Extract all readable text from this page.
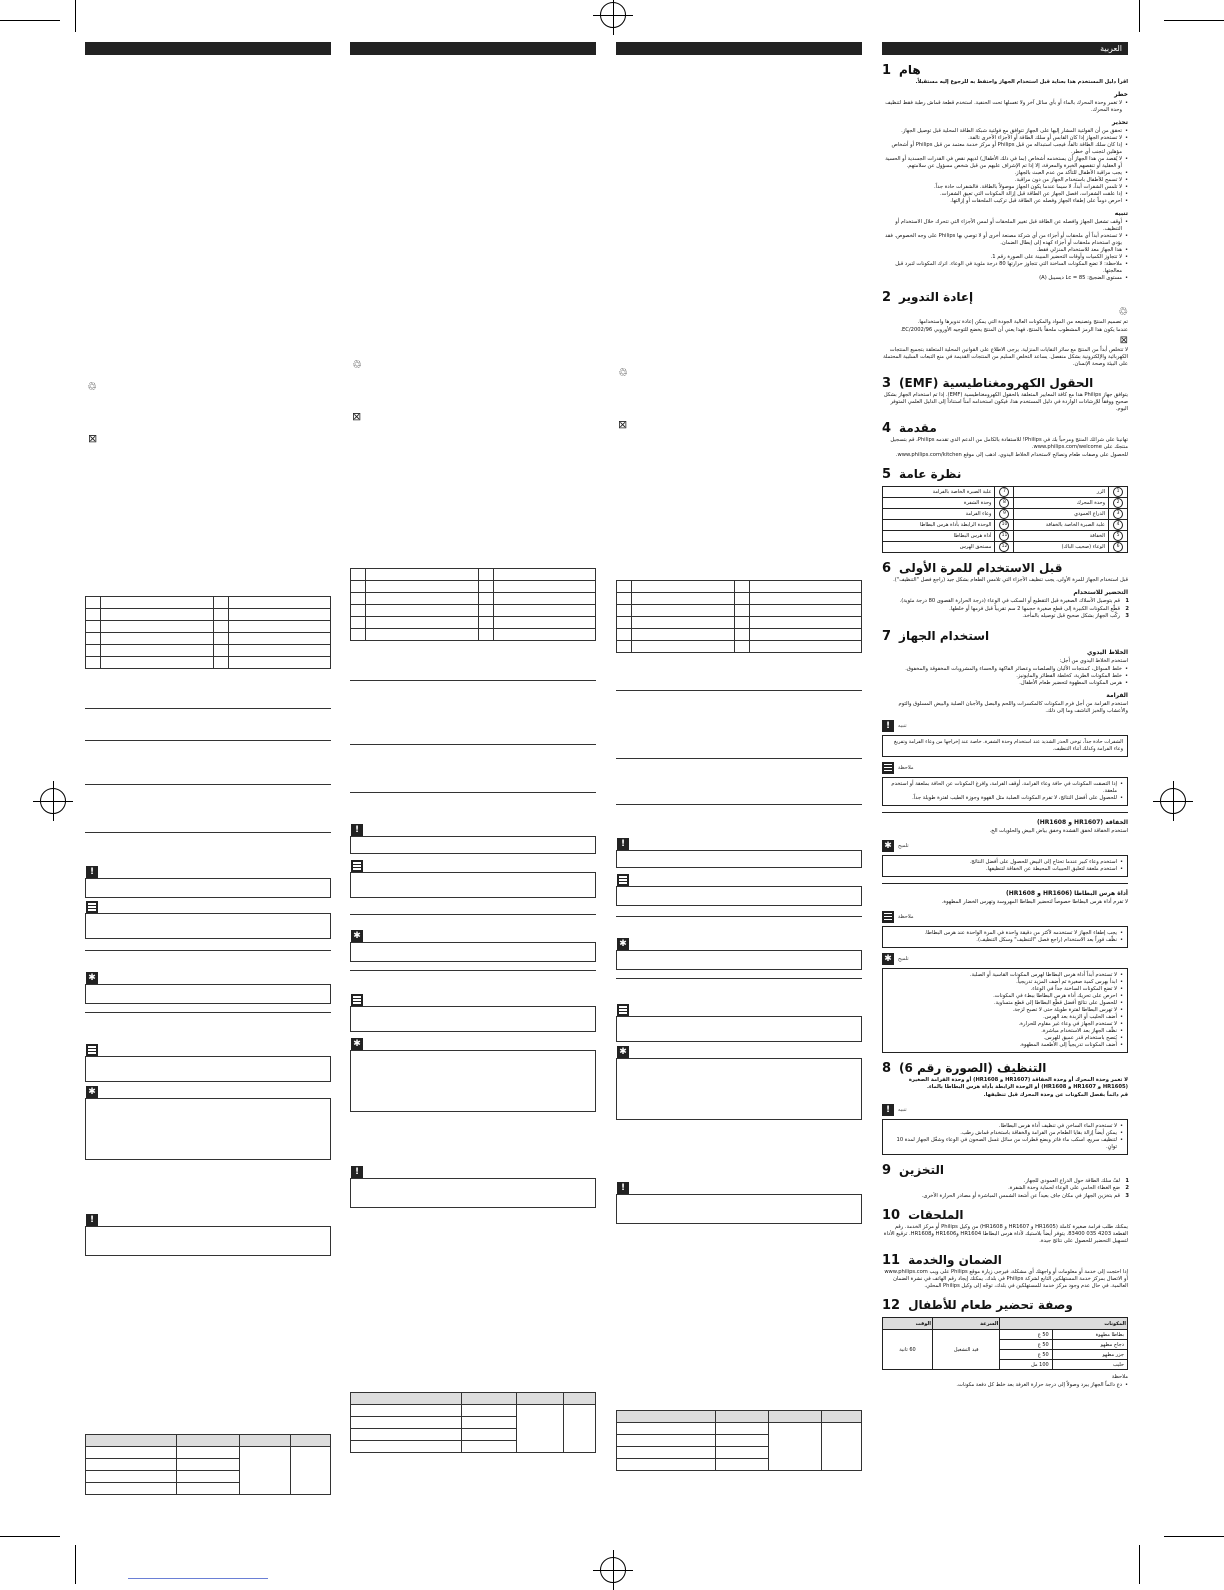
♲
⊠

!
✱
✱
!

♲
⊠

!
✱
✱
!

♲
⊠

!
✱
✱
!

العربية
1 هام
اقرأ دليل المستخدم هذا بعناية قبل استخدام الجهاز واحتفظ به للرجوع إليه مستقبلاً.
خطر
• لا تغمر وحدة المحرك بالماء أو بأي سائل آخر ولا تغسلها تحت الحنفية. استخدم قطعة قماش رطبة فقط لتنظيف وحدة المحرك.
تحذير
• تحقق من أن الفولتية المشار إليها على الجهاز تتوافق مع فولتية شبكة الطاقة المحلية قبل توصيل الجهاز.
• لا تستخدم الجهاز إذا كان القابس أو سلك الطاقة أو الأجزاء الأخرى تالفة.
• إذا كان سلك الطاقة تالفاً، فيجب استبداله من قبل Philips أو مركز خدمة معتمد من قبل Philips أو أشخاص مؤهلين لتجنب أي خطر.
• لا يُقصد من هذا الجهاز أن يستخدمه أشخاص (بما في ذلك الأطفال) لديهم نقص في القدرات الجسدية أو الحسية أو العقلية أو تنقصهم الخبرة والمعرفة، إلا إذا تم الإشراف عليهم من قبل شخص مسؤول عن سلامتهم.
• يجب مراقبة الأطفال للتأكد من عدم العبث بالجهاز.
• لا تسمح للأطفال باستخدام الجهاز من دون مراقبة.
• لا تلمس الشفرات أبداً، لا سيما عندما يكون الجهاز موصولاً بالطاقة. فالشفرات حادة جداً.
• إذا علقت الشفرات، افصل الجهاز عن الطاقة قبل إزالة المكونات التي تعيق الشفرات.
• احرص دوماً على إطفاء الجهاز وفصله عن الطاقة قبل تركيب الملحقات أو إزالتها.
تنبيه
• أوقف تشغيل الجهاز وافصله عن الطاقة قبل تغيير الملحقات أو لمس الأجزاء التي تتحرك خلال الاستخدام أو التنظيف.
• لا تستخدم أبداً أي ملحقات أو أجزاء من أي شركة مصنعة أخرى أو لا توصي بها Philips على وجه الخصوص. فقد يؤدي استخدام ملحقات أو أجزاء كهذه إلى إبطال الضمان.
• هذا الجهاز معد للاستخدام المنزلي فقط.
• لا تتجاوز الكميات وأوقات التحضير المبينة على الصورة رقم 1.
• ملاحظة: لا تضع المكونات الساخنة التي تتجاوز حرارتها 80 درجة مئوية في الوعاء. اترك المكونات لتبرد قبل معالجتها.
• مستوى الضجيج: Lc = 85 ديسيبل (A)
2 إعادة التدوير
♲
تم تصميم المنتج وتصنيعه من المواد والمكونات العالية الجودة التي يمكن إعادة تدويرها واستخدامها.
عندما يكون هذا الرمز المشطوب ملحقاً بالمنتج، فهذا يعني أن المنتج يخضع للتوجيه الأوروبي 2002/96/EC.
⊠
لا تتخلص أبداً من المنتج مع سائر النفايات المنزلية. يرجى الاطلاع على القوانين المحلية المتعلقة بتجميع المنتجات الكهربائية والإلكترونية بشكل منفصل. يساعد التخلص السليم من المنتجات القديمة في منع التبعات السلبية المحتملة على البيئة وصحة الإنسان.
3 الحقول الكهرومغناطيسية (EMF)
يتوافق جهاز Philips هذا مع كافة المعايير المتعلقة بالحقول الكهرومغناطيسية (EMF). إذا تم استخدام الجهاز بشكل صحيح ووفقاً للإرشادات الواردة في دليل المستخدم هذا، فيكون استخدامه آمناً استناداً إلى الدليل العلمي المتوفر اليوم.
4 مقدمة
تهانينا على شرائك المنتج ومرحباً بك في Philips! للاستفادة بالكامل من الدعم الذي تقدمه Philips، قم بتسجيل منتجك على www.philips.com/welcome.
للحصول على وصفات طعام ونصائح لاستخدام الخلاط اليدوي، اذهب إلى موقع www.philips.com/kitchen.
5 نظرة عامة
1	الزر	7	علبة الصبرة الخاصة بالفرامة
2	وحدة المحرك	8	وحدة الشفرة
3	الذراع العمودي	9	وعاء الفرامة
4	علبة الصبرة الخاصة بالخفاقة	10	الوحدة الرابطة بأداة هرس البطاطا
5	الخفاقة	11	أداة هرس البطاطا
6	الوعاء (صحيب الباك)	12	مستحق الهرس
6 قبل الاستخدام للمرة الأولى
قبل استخدام الجهاز للمرة الأولى، يجب تنظيف الأجزاء التي تلامس الطعام بشكل جيد (راجع فصل "التنظيف").
التحضير للاستخدام
1
قم بتوصيل الأسلاك الصغيرة قبل التقطيع أو السكب في الوعاء (درجة الحرارة القصوى 80 درجة مئوية).
2
قطّع المكونات الكبيرة إلى قطع صغيرة حجمها 2 سم تقريباً قبل فرمها أو خلطها.
3
ركّب الجهاز بشكل صحيح قبل توصيله بالمأخذ.
7 استخدام الجهاز
الخلاط اليدوي
استخدم الخلاط اليدوي من أجل:
• خلط السوائل، كمنتجات الألبان والصلصات وعصائر الفاكهة والحساء والمشروبات المخفوقة والمخفوق.
• خلط المكونات الطرية، كخلطة الفطائر والمايونيز.
• هرس المكونات المطهوة لتحضير طعام الأطفال.
الفرامة
استخدم الفرامة من أجل فرم المكونات كالمكسرات واللحم والبصل والأجبان الصلبة والبيض المسلوق والثوم والأعشاب والخبز الناشف وما إلى ذلك.
!	تنبيه
الشفرات حادة جداً، توخى الحذر الشديد عند استخدام وحدة الشفرة. خاصة عند إخراجها من وعاء الفرامة وتفريغ وعاء الفرامة وكذلك أثناء التنظيف.
ملاحظة
• إذا التصقت المكونات في حافة وعاء الفرامة، أوقف الفرامة، وافرغ المكونات عن الحافة بملعقة أو استخدم ملعقة.
• للحصول على أفضل النتائج، لا تفرم المكونات الصلبة مثل القهوة وجوزة الطيب لفترة طويلة جداً.
الخفاقة (HR1607 و HR1608)
استخدم الخفاقة لخفق القشدة وخفق بياض البيض والحلويات الخ.
✱	تلميح
• استخدم وعاء كبير عندما تحتاج إلى البيض للحصول على أفضل النتائج.
• استخدم ملعقة لتعليق الحبيبات المحيطة عن الخفاقة لتنظيفها.
أداة هرس البطاطا (HR1606 و HR1608)
لا تفرم أداة هرس البطاطا خصوصاً لتحضير البطاطا المهروسة وتهرس الخضار المطهوة.
ملاحظة
• يجب إطفاء الجهاز لا تستخدمه لأكثر من دقيقة واحدة في المرة الواحدة عند هرس البطاطا.
• نظّف فوراً بعد الاستخدام (راجع فصل "التنظيف" وسكل التنظيف).
✱	تلميح
• لا تستخدم أبداً أداة هرس البطاطا لهرس المكونات القاسية أو الصلبة.
• ابدأ بهرس كمية صغيرة ثم أضف المزيد تدريجياً.
• لا تضع المكونات الساخنة جداً في الوعاء.
• احرص على تحريك أداة هرس البطاطا ببطء في المكونات.
• للحصول على نتائج أفضل قطّع البطاطا إلى قطع متساوية.
• لا تهرس البطاطا لفترة طويلة حتى لا تصبح لزجة.
• أضف الحليب أو الزبدة بعد الهرس.
• لا تستخدم الجهاز في وعاء غير مقاوم للحرارة.
• نظّف الجهاز بعد الاستخدام مباشرة.
• يُنصح باستخدام قدر عميق للهرس.
• أضف المكونات تدريجياً إلى الأطعمة المطهوة.
8 التنظيف (الصورة رقم 6)
لا تغمر وحدة المحرك أو وحدة الخفاقة (HR1607 و HR1608) أو وحدة الفرامة الصغيرة (HR1605 و HR1607 و HR1608) أو الوحدة الرابطة بأداة هرس البطاطا بالماء.
قم دائماً بفصل المكونات عن وحدة المحرك قبل تنظيفها.
!	تنبيه
• لا تستخدم الماء الساخن في تنظيف أداة هرس البطاطا.
• يمكن أيضاً إزالة بقايا الطعام من الفرامة والخفاقة باستخدام قماش رطب.
• لتنظيف سريع، اسكب ماء فاتر وبضع قطرات من سائل غسل الصحون في الوعاء وشغّل الجهاز لمدة 10 ثوانٍ.
9 التخزين
1
لفّ سلك الطاقة حول الذراع العمودي للجهاز.
2
ضع الغطاء الحامي على الوعاء لحماية وحدة الشفرة.
3
قم بتخزين الجهاز في مكان جاف بعيداً عن أشعة الشمس المباشرة أو مصادر الحرارة الأخرى.
10 الملحقات
يمكنك طلب فرامة صغيرة كاملة (HR1605 و HR1607 و HR1608) من وكيل Philips أو مركز الخدمة. رقم القطعة 4203 035 83400. يتوفر أيضاً بلاستيك لأداة هرس البطاطا HR1604 وHR1606 وHR1608. ترقيع الأداة لتسهيل التحضير للحصول على نتائج جيدة.
11 الضمان والخدمة
إذا احتجت إلى خدمة أو معلومات أو واجهتك أي مشكلة، فيرجى زيارة موقع Philips على ويب www.philips.com أو الاتصال بمركز خدمة المستهلكين التابع لشركة Philips في بلدك. يمكنك إيجاد رقم الهاتف في نشرة الضمان العالمية. في حال عدم وجود مركز خدمة للمستهلكين في بلدك، توجّه إلى وكيل Philips المحلي.
12 وصفة تحضير طعام للأطفال
المكونات		السرعة	الوقت
بطاطا مطهوة	50 غ	قيد التشغيل	60 ثانية
دجاج مطهو	50 غ		
جزر مطهو	50 غ		
حليب	100 مل		
ملاحظة
• دع دائماً الجهاز يبرد وصولاً إلى درجة حرارة الغرفة بعد خلط كل دفعة مكونات.
